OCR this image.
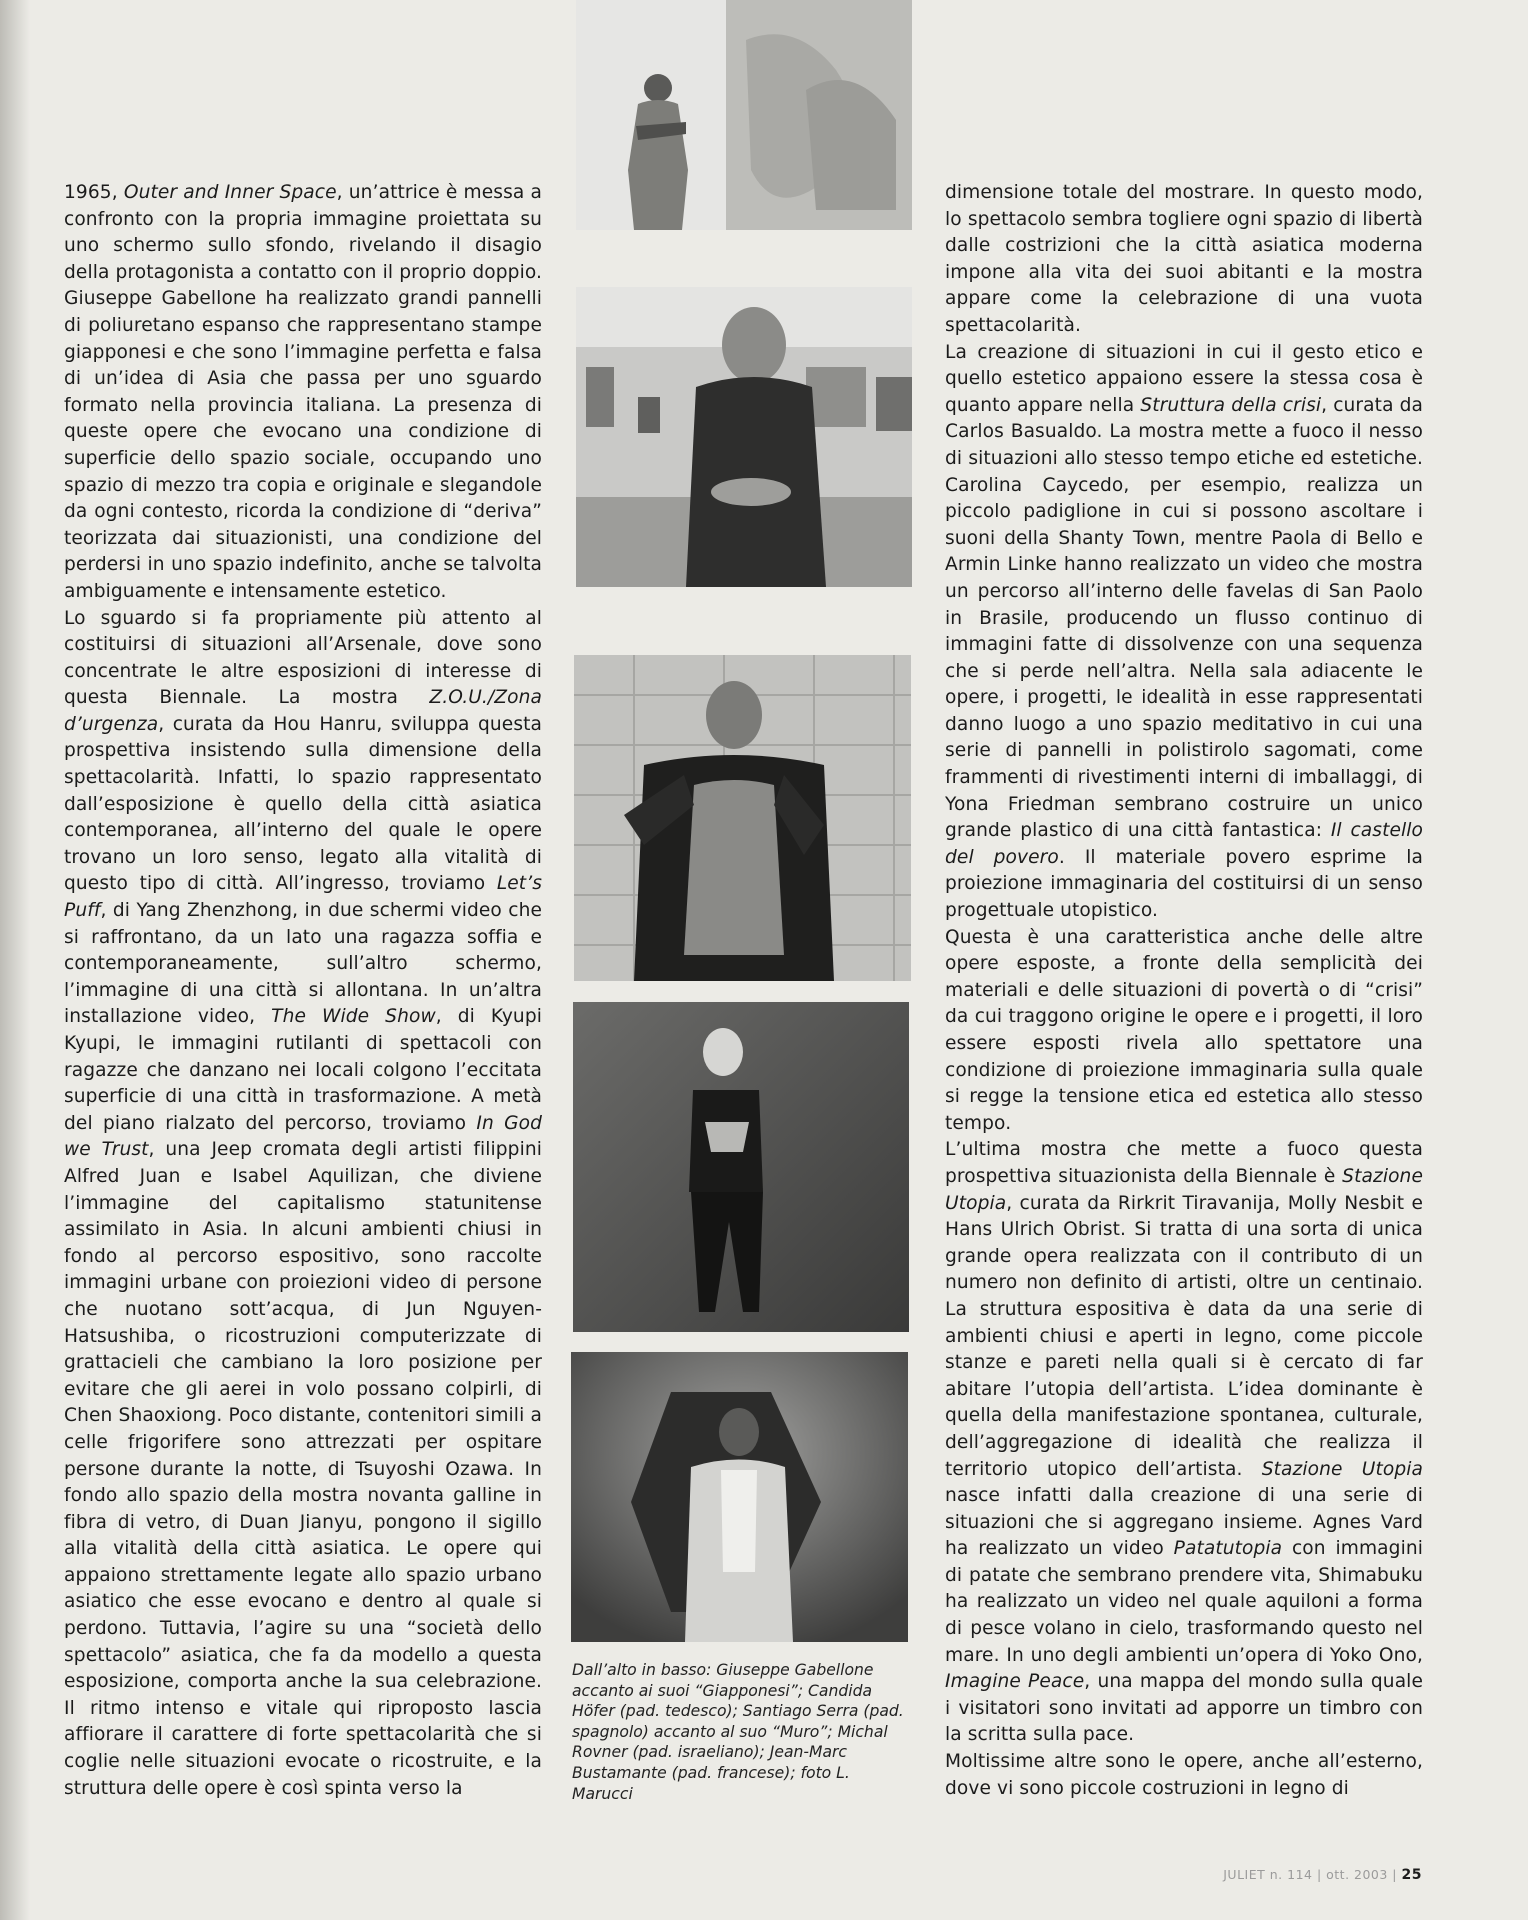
1965, Outer and Inner Space, un’attrice è messa a confronto con la propria immagine proiettata su uno schermo sullo sfondo, rivelando il disagio della protagonista a contatto con il proprio doppio. Giuseppe Gabellone ha realizzato grandi pannelli di poliuretano espanso che rappresentano stampe giapponesi e che sono l’immagine perfetta e falsa di un’idea di Asia che passa per uno sguardo formato nella provincia italiana. La presenza di queste opere che evocano una condizione di superficie dello spazio sociale, occupando uno spazio di mezzo tra copia e originale e slegandole da ogni contesto, ricorda la condizione di “deriva” teorizzata dai situazionisti, una condizione del perdersi in uno spazio indefinito, anche se talvolta ambiguamente e intensamente estetico.

Lo sguardo si fa propriamente più attento al costituirsi di situazioni all’Arsenale, dove sono concentrate le altre esposizioni di interesse di questa Biennale. La mostra Z.O.U./Zona d’urgenza, curata da Hou Hanru, sviluppa questa prospettiva insistendo sulla dimensione della spettacolarità. Infatti, lo spazio rappresentato dall’esposizione è quello della città asiatica contemporanea, all’interno del quale le opere trovano un loro senso, legato alla vitalità di questo tipo di città. All’ingresso, troviamo Let’s Puff, di Yang Zhenzhong, in due schermi video che si raffrontano, da un lato una ragazza soffia e contemporaneamente, sull’altro schermo, l’immagine di una città si allontana. In un’altra installazione video, The Wide Show, di Kyupi Kyupi, le immagini rutilanti di spettacoli con ragazze che danzano nei locali colgono l’eccitata superficie di una città in trasformazione. A metà del piano rialzato del percorso, troviamo In God we Trust, una Jeep cromata degli artisti filippini Alfred Juan e Isabel Aquilizan, che diviene l’immagine del capitalismo statunitense assimilato in Asia. In alcuni ambienti chiusi in fondo al percorso espositivo, sono raccolte immagini urbane con proiezioni video di persone che nuotano sott’acqua, di Jun Nguyen-Hatsushiba, o ricostruzioni computerizzate di grattacieli che cambiano la loro posizione per evitare che gli aerei in volo possano colpirli, di Chen Shaoxiong. Poco distante, contenitori simili a celle frigorifere sono attrezzati per ospitare persone durante la notte, di Tsuyoshi Ozawa. In fondo allo spazio della mostra novanta galline in fibra di vetro, di Duan Jianyu, pongono il sigillo alla vitalità della città asiatica. Le opere qui appaiono strettamente legate allo spazio urbano asiatico che esse evocano e dentro al quale si perdono. Tuttavia, l’agire su una “società dello spettacolo” asiatica, che fa da modello a questa esposizione, comporta anche la sua celebrazione. Il ritmo intenso e vitale qui riproposto lascia affiorare il carattere di forte spettacolarità che si coglie nelle situazioni evocate o ricostruite, e la struttura delle opere è così spinta verso la

Dall’alto in basso: Giuseppe Gabellone accanto ai suoi “Giapponesi”; Candida Höfer (pad. tedesco); Santiago Serra (pad. spagnolo) accanto al suo “Muro”; Michal Rovner (pad. israeliano); Jean-Marc Bustamante (pad. francese); foto L. Marucci

dimensione totale del mostrare. In questo modo, lo spettacolo sembra togliere ogni spazio di libertà dalle costrizioni che la città asiatica moderna impone alla vita dei suoi abitanti e la mostra appare come la celebrazione di una vuota spettacolarità.

La creazione di situazioni in cui il gesto etico e quello estetico appaiono essere la stessa cosa è quanto appare nella Struttura della crisi, curata da Carlos Basualdo. La mostra mette a fuoco il nesso di situazioni allo stesso tempo etiche ed estetiche. Carolina Caycedo, per esempio, realizza un piccolo padiglione in cui si possono ascoltare i suoni della Shanty Town, mentre Paola di Bello e Armin Linke hanno realizzato un video che mostra un percorso all’interno delle favelas di San Paolo in Brasile, producendo un flusso continuo di immagini fatte di dissolvenze con una sequenza che si perde nell’altra. Nella sala adiacente le opere, i progetti, le idealità in esse rappresentati danno luogo a uno spazio meditativo in cui una serie di pannelli in polistirolo sagomati, come frammenti di rivestimenti interni di imballaggi, di Yona Friedman sembrano costruire un unico grande plastico di una città fantastica: Il castello del povero. Il materiale povero esprime la proiezione immaginaria del costituirsi di un senso progettuale utopistico.

Questa è una caratteristica anche delle altre opere esposte, a fronte della semplicità dei materiali e delle situazioni di povertà o di “crisi” da cui traggono origine le opere e i progetti, il loro essere esposti rivela allo spettatore una condizione di proiezione immaginaria sulla quale si regge la tensione etica ed estetica allo stesso tempo.

L’ultima mostra che mette a fuoco questa prospettiva situazionista della Biennale è Stazione Utopia, curata da Rirkrit Tiravanija, Molly Nesbit e Hans Ulrich Obrist. Si tratta di una sorta di unica grande opera realizzata con il contributo di un numero non definito di artisti, oltre un centinaio. La struttura espositiva è data da una serie di ambienti chiusi e aperti in legno, come piccole stanze e pareti nella quali si è cercato di far abitare l’utopia dell’artista. L’idea dominante è quella della manifestazione spontanea, culturale, dell’aggregazione di idealità che realizza il territorio utopico dell’artista. Stazione Utopia nasce infatti dalla creazione di una serie di situazioni che si aggregano insieme. Agnes Vard ha realizzato un video Patatutopia con immagini di patate che sembrano prendere vita, Shimabuku ha realizzato un video nel quale aquiloni a forma di pesce volano in cielo, trasformando questo nel mare. In uno degli ambienti un’opera di Yoko Ono, Imagine Peace, una mappa del mondo sulla quale i visitatori sono invitati ad apporre un timbro con la scritta sulla pace.

Moltissime altre sono le opere, anche all’esterno, dove vi sono piccole costruzioni in legno di

JULIET n. 114 | ott. 2003 | 25
